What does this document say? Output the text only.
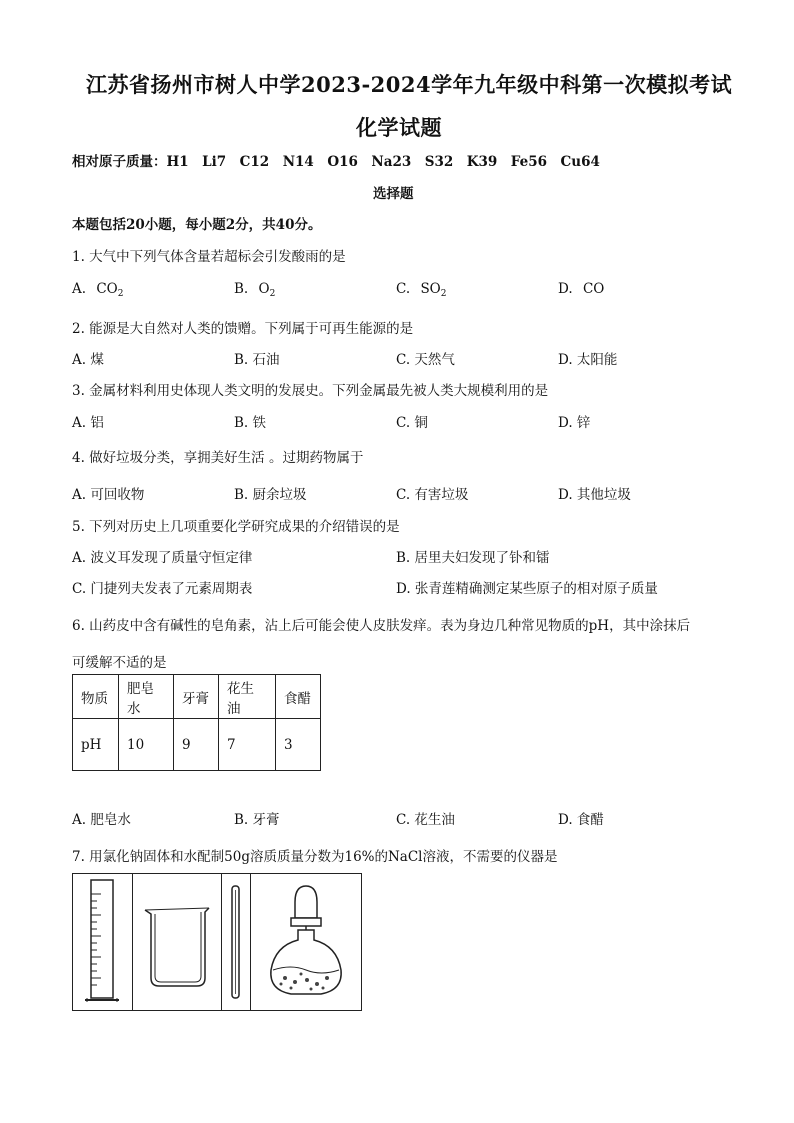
江苏省扬州市树人中学2023-2024学年九年级中科第一次模拟考试
化学试题
相对原子质量：H1　Li7　C12　N14　O16　Na23　S32　K39　Fe56　Cu64
选择题
本题包括20小题，每小题2分，共40分。
1. 大气中下列气体含量若超标会引发酸雨的是
A. $CO_2$	B. $O_2$	C. $SO_2$	D. CO
2. 能源是大自然对人类的馈赠。下列属于可再生能源的是
A. 煤	B. 石油	C. 天然气	D. 太阳能
3. 金属材料利用史体现人类文明的发展史。下列金属最先被人类大规模利用的是
A. 铝	B. 铁	C. 铜	D. 锌
4. 做好垃圾分类，享拥美好生活 。过期药物属于
A. 可回收物	B. 厨余垃圾	C. 有害垃圾	D. 其他垃圾
5. 下列对历史上几项重要化学研究成果的介绍错误的是
A. 波义耳发现了质量守恒定律	B. 居里夫妇发现了钋和镭
C. 门捷列夫发表了元素周期表	D. 张青莲精确测定某些原子的相对原子质量
6. 山药皮中含有碱性的皂角素，沾上后可能会使人皮肤发痒。表为身边几种常见物质的pH，其中涂抹后
可缓解不适的是
物质	肥皂水	牙膏	花生油	食醋
pH	10	9	7	3
A. 肥皂水	B. 牙膏	C. 花生油	D. 食醋
7. 用氯化钠固体和水配制50g溶质质量分数为16%的NaCl溶液，不需要的仪器是
